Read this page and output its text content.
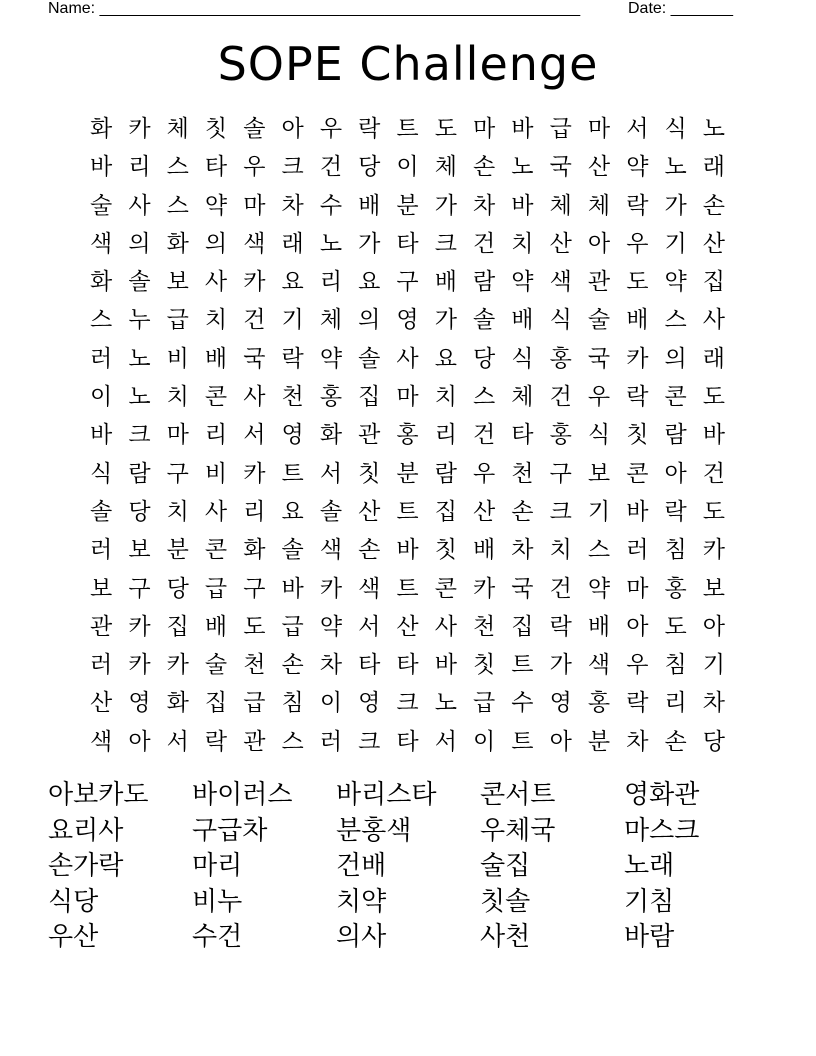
Name: ______________________________________________________	Date: _______
SOPE Challenge
화 카 체 칫 솔 아 우 락 트 도 마 바 급 마 서 식 노
바 리 스 타 우 크 건 당 이 체 손 노 국 산 약 노 래
술 사 스 약 마 차 수 배 분 가 차 바 체 체 락 가 손
색 의 화 의 색 래 노 가 타 크 건 치 산 아 우 기 산
화 솔 보 사 카 요 리 요 구 배 람 약 색 관 도 약 집
스 누 급 치 건 기 체 의 영 가 솔 배 식 술 배 스 사
러 노 비 배 국 락 약 솔 사 요 당 식 홍 국 카 의 래
이 노 치 콘 사 천 홍 집 마 치 스 체 건 우 락 콘 도
바 크 마 리 서 영 화 관 홍 리 건 타 홍 식 칫 람 바
식 람 구 비 카 트 서 칫 분 람 우 천 구 보 콘 아 건
솔 당 치 사 리 요 솔 산 트 집 산 손 크 기 바 락 도
러 보 분 콘 화 솔 색 손 바 칫 배 차 치 스 러 침 카
보 구 당 급 구 바 카 색 트 콘 카 국 건 약 마 홍 보
관 카 집 배 도 급 약 서 산 사 천 집 락 배 아 도 아
러 카 카 술 천 손 차 타 타 바 칫 트 가 색 우 침 기
산 영 화 집 급 침 이 영 크 노 급 수 영 홍 락 리 차
색 아 서 락 관 스 러 크 타 서 이 트 아 분 차 손 당
아보카도	바이러스	바리스타	콘서트	영화관
요리사	구급차	분홍색	우체국	마스크
손가락	마리	건배	술집	노래
식당	비누	치약	칫솔	기침
우산	수건	의사	사천	바람
